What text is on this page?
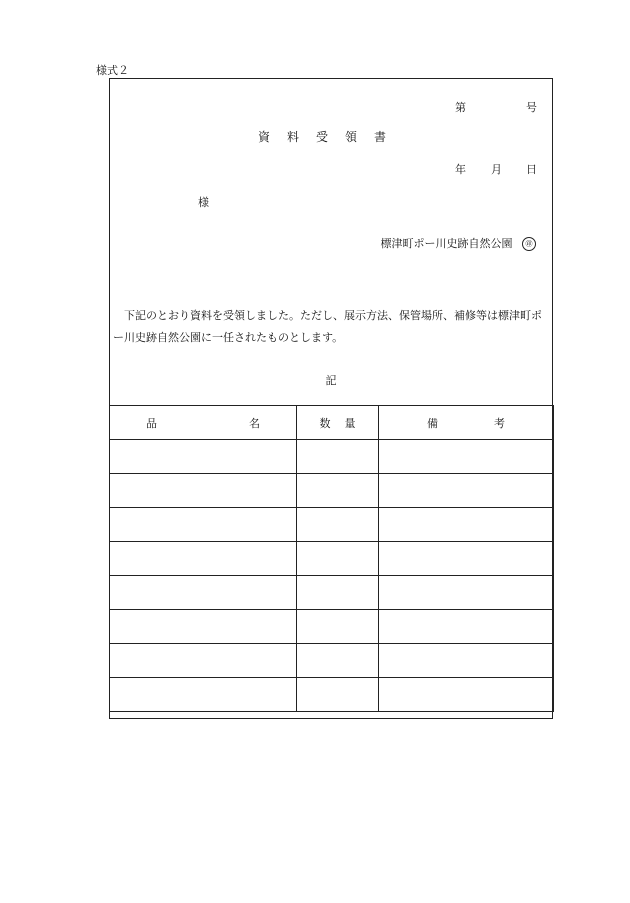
様式２
第	号
資料受領書
年 月 日
様
標津町ポー川史跡自然公園 ㊞
下記のとおり資料を受領しました。ただし、展示方法、保管場所、補修等は標津町ポー川史跡自然公園に一任されたものとします。
記
品 名	数 量	備 考
